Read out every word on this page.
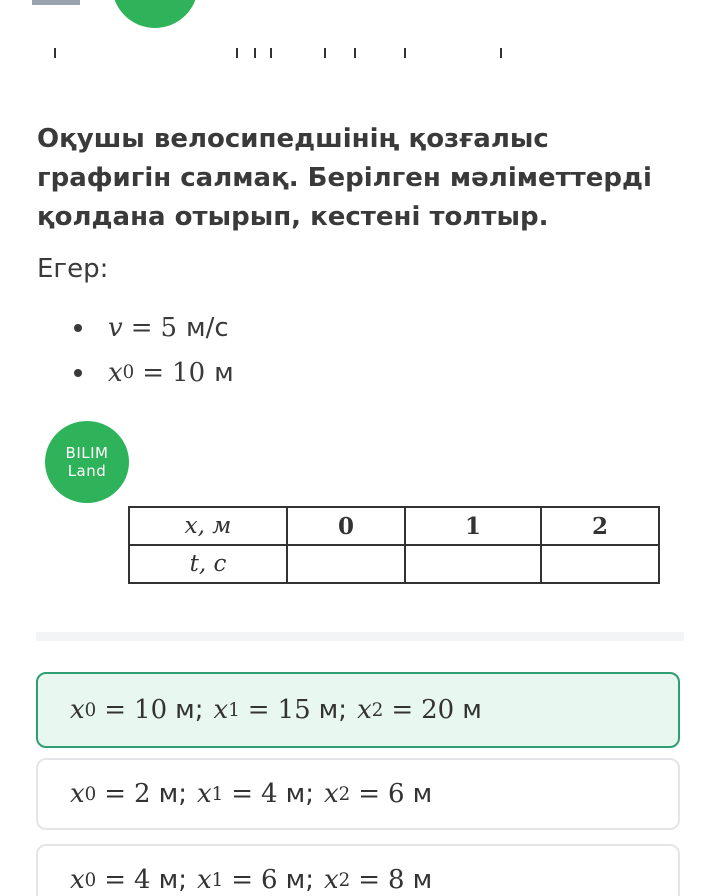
Оқушы велосипедшінің қозғалыс графигін салмақ. Берілген мәліметтерді қолдана отырып, кестені толтыр.
Егер:
v = 5 м/с
x 0 = 10 м
BILIM
Land
x, м	0	1	2
t, с			
x 0 = 10 м ; x 1 = 15 м ; x 2 = 20 м
x 0 = 2 м ; x 1 = 4 м ; x 2 = 6 м
x 0 = 4 м ; x 1 = 6 м ; x 2 = 8 м
